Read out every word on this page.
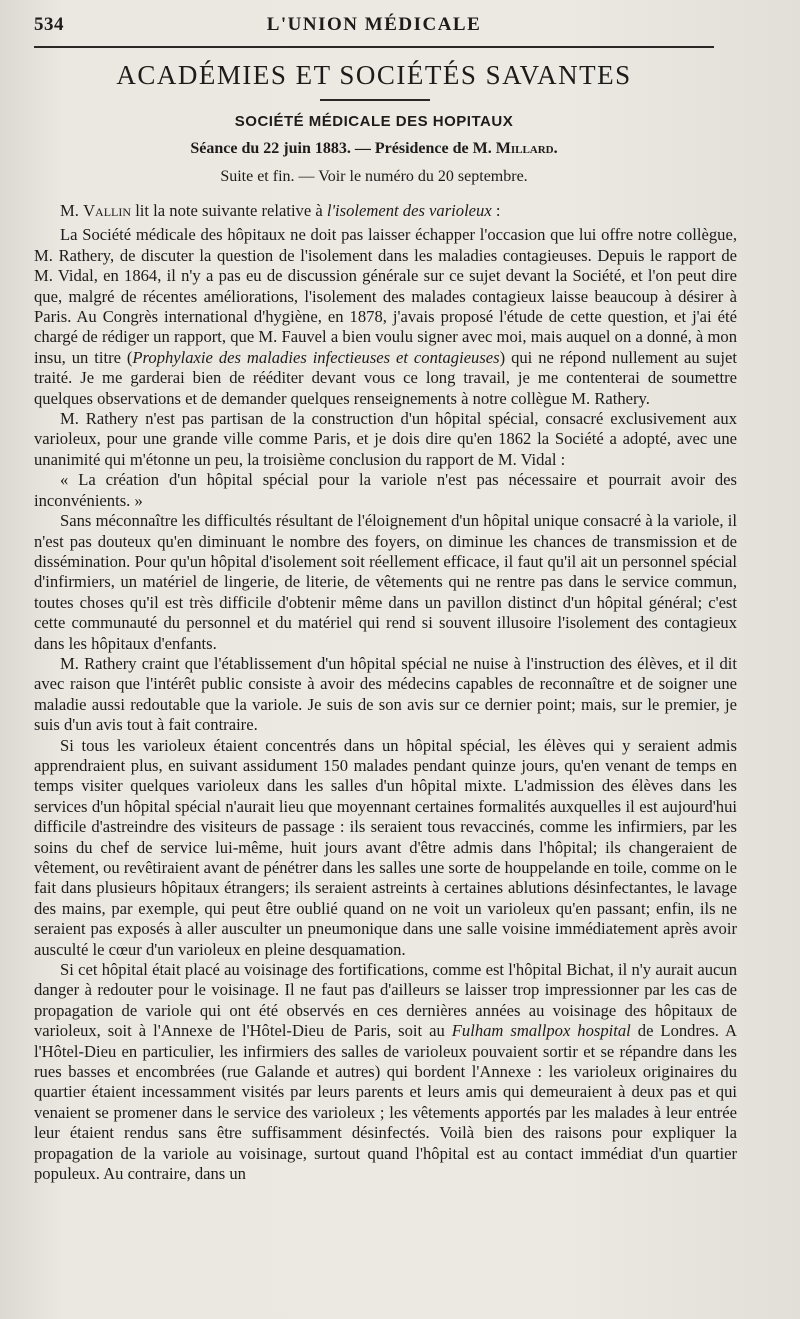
534	L'UNION MÉDICALE
ACADÉMIES ET SOCIÉTÉS SAVANTES
SOCIÉTÉ MÉDICALE DES HOPITAUX
Séance du 22 juin 1883. — Présidence de M. Millard.
Suite et fin. — Voir le numéro du 20 septembre.

M. Vallin lit la note suivante relative à l'isolement des varioleux :

La Société médicale des hôpitaux ne doit pas laisser échapper l'occasion que lui offre notre collègue, M. Rathery, de discuter la question de l'isolement dans les maladies contagieuses. Depuis le rapport de M. Vidal, en 1864, il n'y a pas eu de discussion générale sur ce sujet devant la Société, et l'on peut dire que, malgré de récentes améliorations, l'isolement des malades contagieux laisse beaucoup à désirer à Paris. Au Congrès international d'hygiène, en 1878, j'avais proposé l'étude de cette question, et j'ai été chargé de rédiger un rapport, que M. Fauvel a bien voulu signer avec moi, mais auquel on a donné, à mon insu, un titre (Prophylaxie des maladies infectieuses et contagieuses) qui ne répond nullement au sujet traité. Je me garderai bien de rééditer devant vous ce long travail, je me contenterai de soumettre quelques observations et de demander quelques renseignements à notre collègue M. Rathery.

M. Rathery n'est pas partisan de la construction d'un hôpital spécial, consacré exclusivement aux varioleux, pour une grande ville comme Paris, et je dois dire qu'en 1862 la Société a adopté, avec une unanimité qui m'étonne un peu, la troisième conclusion du rapport de M. Vidal :

« La création d'un hôpital spécial pour la variole n'est pas nécessaire et pourrait avoir des inconvénients. »

Sans méconnaître les difficultés résultant de l'éloignement d'un hôpital unique consacré à la variole, il n'est pas douteux qu'en diminuant le nombre des foyers, on diminue les chances de transmission et de dissémination. Pour qu'un hôpital d'isolement soit réellement efficace, il faut qu'il ait un personnel spécial d'infirmiers, un matériel de lingerie, de literie, de vêtements qui ne rentre pas dans le service commun, toutes choses qu'il est très difficile d'obtenir même dans un pavillon distinct d'un hôpital général; c'est cette communauté du personnel et du matériel qui rend si souvent illusoire l'isolement des contagieux dans les hôpitaux d'enfants.

M. Rathery craint que l'établissement d'un hôpital spécial ne nuise à l'instruction des élèves, et il dit avec raison que l'intérêt public consiste à avoir des médecins capables de reconnaître et de soigner une maladie aussi redoutable que la variole. Je suis de son avis sur ce dernier point; mais, sur le premier, je suis d'un avis tout à fait contraire.

Si tous les varioleux étaient concentrés dans un hôpital spécial, les élèves qui y seraient admis apprendraient plus, en suivant assidument 150 malades pendant quinze jours, qu'en venant de temps en temps visiter quelques varioleux dans les salles d'un hôpital mixte. L'admission des élèves dans les services d'un hôpital spécial n'aurait lieu que moyennant certaines formalités auxquelles il est aujourd'hui difficile d'astreindre des visiteurs de passage : ils seraient tous revaccinés, comme les infirmiers, par les soins du chef de service lui-même, huit jours avant d'être admis dans l'hôpital; ils changeraient de vêtement, ou revêtiraient avant de pénétrer dans les salles une sorte de houppelande en toile, comme on le fait dans plusieurs hôpitaux étrangers; ils seraient astreints à certaines ablutions désinfectantes, le lavage des mains, par exemple, qui peut être oublié quand on ne voit un varioleux qu'en passant; enfin, ils ne seraient pas exposés à aller ausculter un pneumonique dans une salle voisine immédiatement après avoir ausculté le cœur d'un varioleux en pleine desquamation.

Si cet hôpital était placé au voisinage des fortifications, comme est l'hôpital Bichat, il n'y aurait aucun danger à redouter pour le voisinage. Il ne faut pas d'ailleurs se laisser trop impressionner par les cas de propagation de variole qui ont été observés en ces dernières années au voisinage des hôpitaux de varioleux, soit à l'Annexe de l'Hôtel-Dieu de Paris, soit au Fulham smallpox hospital de Londres. A l'Hôtel-Dieu en particulier, les infirmiers des salles de varioleux pouvaient sortir et se répandre dans les rues basses et encombrées (rue Galande et autres) qui bordent l'Annexe : les varioleux originaires du quartier étaient incessamment visités par leurs parents et leurs amis qui demeuraient à deux pas et qui venaient se promener dans le service des varioleux ; les vêtements apportés par les malades à leur entrée leur étaient rendus sans être suffisamment désinfectés. Voilà bien des raisons pour expliquer la propagation de la variole au voisinage, surtout quand l'hôpital est au contact immédiat d'un quartier populeux. Au contraire, dans un
